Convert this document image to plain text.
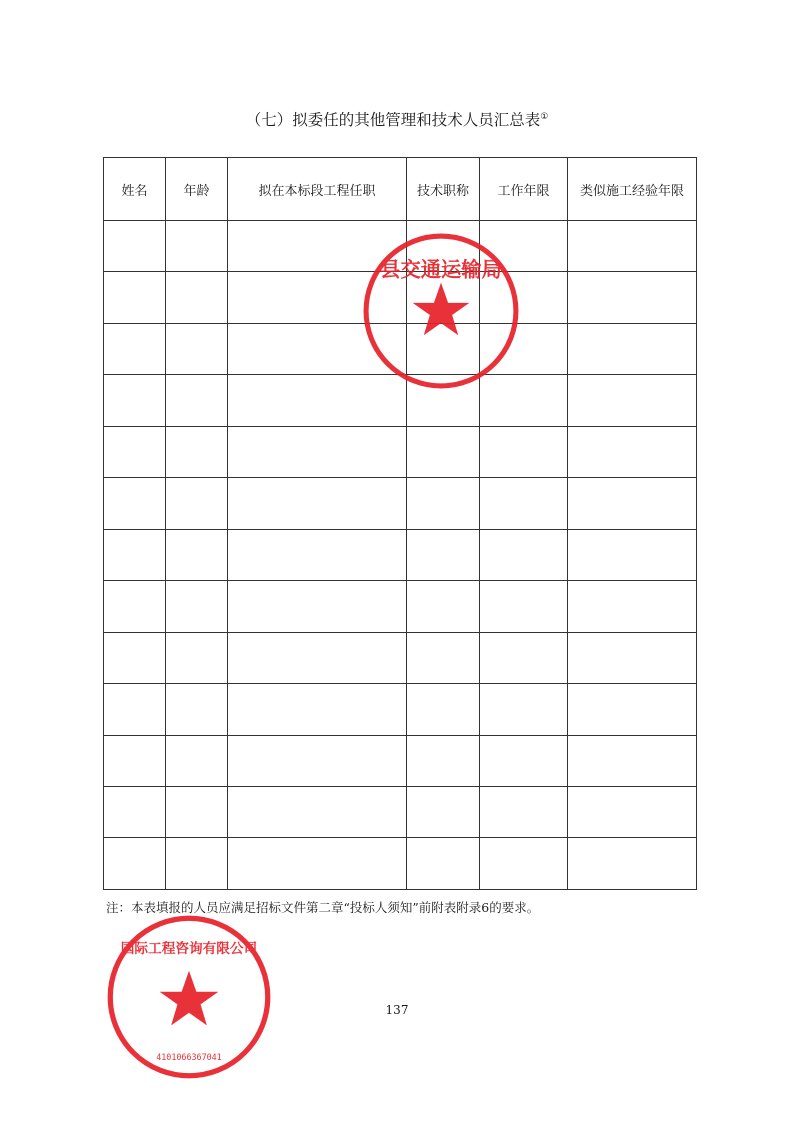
（七）拟委任的其他管理和技术人员汇总表①
姓名	年龄	拟在本标段工程任职	技术职称	工作年限	类似施工经验年限

注：本表填报的人员应满足招标文件第二章“投标人须知”前附表附录6的要求。
137
县交通运输局
国际工程咨询有限公司
4101066367041
